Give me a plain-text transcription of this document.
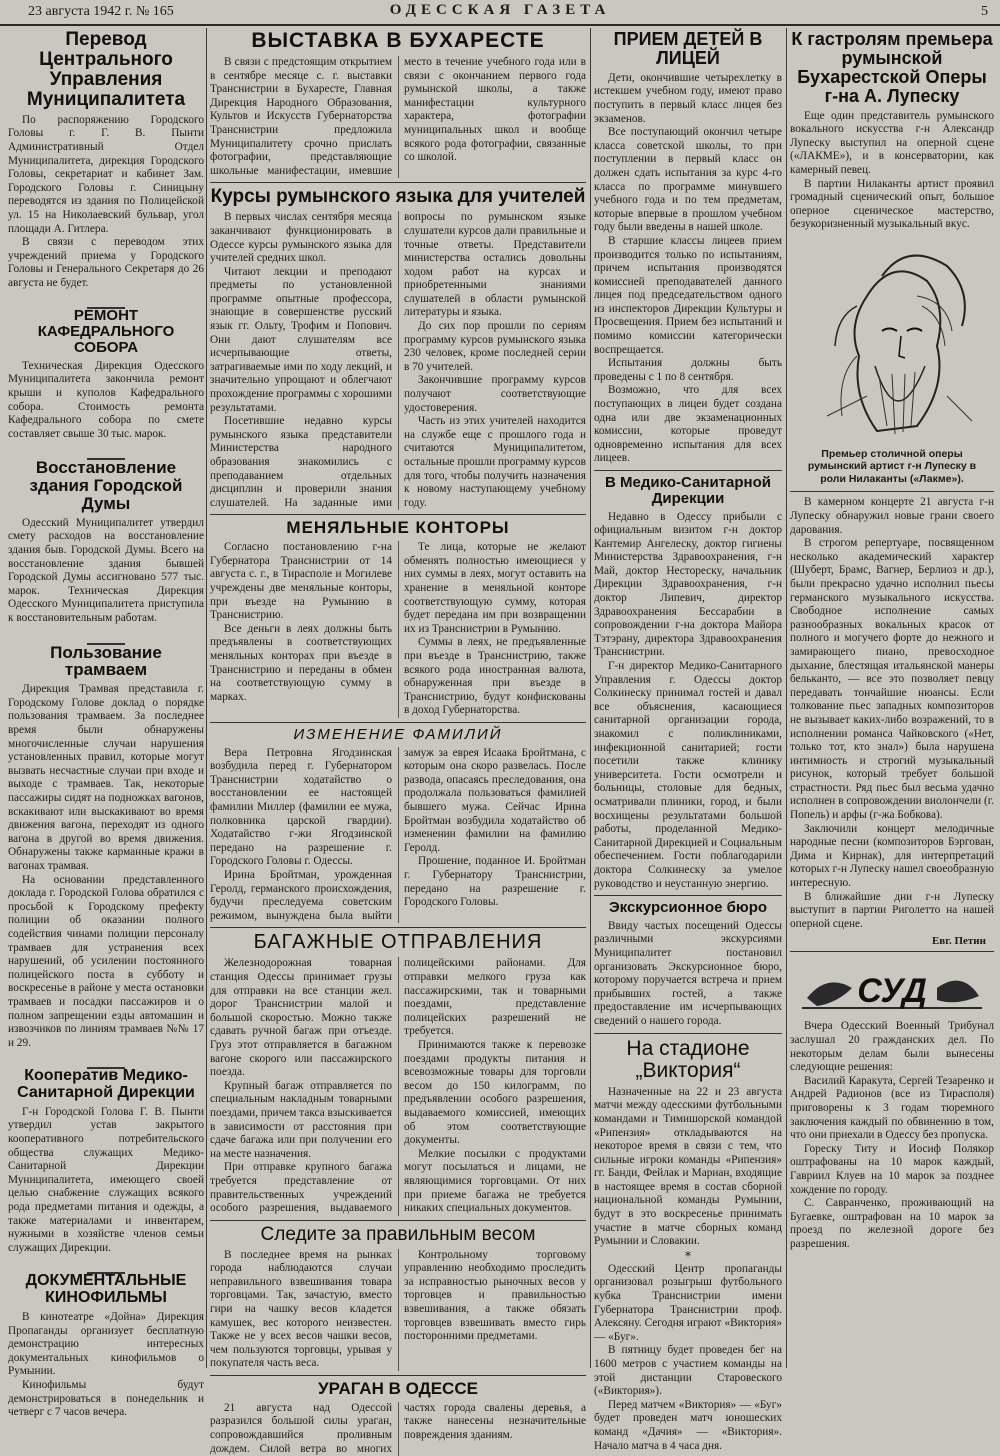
23 августа 1942 г. № 165	ОДЕССКАЯ ГАЗЕТА	5
Перевод Центрального Управления Муниципалитета

По распоряжению Городского Головы г. Г. В. Пынти Административный Отдел Муниципалитета, дирекция Городского Головы, секретариат и кабинет Зам. Городского Головы г. Синицыну переводятся из здания по Полицейской ул. 15 на Николаевский бульвар, угол площади А. Гитлера.

В связи с переводом этих учреждений приема у Городского Головы и Генерального Секретаря до 26 августа не будет.

РЕМОНТ КАФЕДРАЛЬНОГО СОБОРА

Техническая Дирекция Одесского Муниципалитета закончила ремонт крыши и куполов Кафедрального собора. Стоимость ремонта Кафедрального собора по смете составляет свыше 30 тыс. марок.

Восстановление здания Городской Думы

Одесский Муниципалитет утвердил смету расходов на восстановление здания быв. Городской Думы. Всего на восстановление здания бывшей Городской Думы ассигновано 577 тыс. марок. Техническая Дирекция Одесского Муниципалитета приступила к восстановительным работам.

Пользование трамваем

Дирекция Трамвая представила г. Городскому Голове доклад о порядке пользования трамваем. За последнее время были обнаружены многочисленные случаи нарушения установленных правил, которые могут вызвать несчастные случаи при входе и выходе с трамваев. Так, некоторые пассажиры сидят на подножках вагонов, вскакивают или выскакивают во время движения вагона, переходят из одного вагона в другой во время движения. Обнаружены также карманные кражи в вагонах трамвая.

На основании представленного доклада г. Городской Голова обратился с просьбой к Городскому префекту полиции об оказании полного содействия чинами полиции персоналу трамваев для устранения всех нарушений, об усилении постоянного полицейского поста в субботу и воскресенье в районе у места остановки трамваев и посадки пассажиров и о полном запрещении езды автомашин и извозчиков по линиям трамваев №№ 17 и 29.

Кооператив Медико-Санитарной Дирекции

Г-н Городской Голова Г. В. Пынти утвердил устав закрытого кооперативного потребительского общества служащих Медико-Санитарной Дирекции Муниципалитета, имеющего своей целью снабжение служащих всякого рода предметами питания и одежды, а также материалами и инвентарем, нужными в хозяйстве членов семьи служащих Дирекции.

ДОКУМЕНТАЛЬНЫЕ КИНОФИЛЬМЫ

В кинотеатре «Дойна» Дирекция Пропаганды организует бесплатную демонстрацию интересных документальных кинофильмов о Румынии.

Кинофильмы будут демонстрироваться в понедельник и четверг с 7 часов вечера.

ВЫСТАВКА В БУХАРЕСТЕ

В связи с предстоящим открытием в сентябре месяце с. г. выставки Транснистрии в Бухаресте, Главная Дирекция Народного Образования, Культов и Искусств Губернаторства Транснистрии предложила Муниципалитету срочно прислать фотографии, представляющие школьные манифестации, имевшие место в течение учебного года или в связи с окончанием первого года румынской школы, а также манифестации культурного характера, фотографии муниципальных школ и вообще всякого рода фотографии, связанные со школой.

Курсы румынского языка для учителей

В первых числах сентября месяца заканчивают функционировать в Одессе курсы румынского языка для учителей средних школ.

Читают лекции и преподают предметы по установленной программе опытные профессора, знающие в совершенстве русский язык гг. Ольту, Трофим и Попович. Они дают слушателям все исчерпывающие ответы, затрагиваемые ими по ходу лекций, и значительно упрощают и облегчают прохождение программы с хорошими результатами.

Посетившие недавно курсы румынского языка представители Министерства народного образования знакомились с преподаванием отдельных дисциплин и проверили знания слушателей. На заданные ими вопросы по румынском языке слушатели курсов дали правильные и точные ответы. Представители министерства остались довольны ходом работ на курсах и приобретенными знаниями слушателей в области румынской литературы и языка.

До сих пор прошли по сериям программу курсов румынского языка 230 человек, кроме последней серии в 70 учителей.

Закончившие программу курсов получают соответствующие удостоверения.

Часть из этих учителей находится на службе еще с прошлого года и считаются Муниципалитетом, остальные прошли программу курсов для того, чтобы получить назначения к новому наступающему учебному году.

МЕНЯЛЬНЫЕ КОНТОРЫ

Согласно постановлению г-на Губернатора Транснистрии от 14 августа с. г., в Тирасполе и Могилеве учреждены две меняльные конторы, при въезде на Румынию в Транснистрию.

Все деньги в леях должны быть предъявлены в соответствующих меняльных конторах при въезде в Транснистрию и переданы в обмен на соответствующую сумму в марках.

Те лица, которые не желают обменять полностью имеющиеся у них суммы в леях, могут оставить на хранение в меняльной конторе соответствующую сумму, которая будет передана им при возвращении их из Транснистрии в Румынию.

Суммы в леях, не предъявленные при въезде в Транснистрию, также всякого рода иностранная валюта, обнаруженная при въезде в Транснистрию, будут конфискованы в доход Губернаторства.

ИЗМЕНЕНИЕ ФАМИЛИЙ

Вера Петровна Ягодзинская возбудила перед г. Губернатором Транснистрии ходатайство о восстановлении ее настоящей фамилии Миллер (фамилии ее мужа, полковника царской гвардии). Ходатайство г-жи Ягодзинской передано на разрешение г. Городского Головы г. Одессы.

Ирина Бройтман, урожденная Геролд, германского происхождения, будучи преследуема советским режимом, вынуждена была выйти замуж за еврея Исаака Бройтмана, с которым она скоро развелась. После развода, опасаясь преследования, она продолжала пользоваться фамилией бывшего мужа. Сейчас Ирина Бройтман возбудила ходатайство об изменении фамилии на фамилию Геролд.

Прошение, поданное И. Бройтман г. Губернатору Транснистрии, передано на разрешение г. Городского Головы.

БАГАЖНЫЕ ОТПРАВЛЕНИЯ

Железнодорожная товарная станция Одессы принимает грузы для отправки на все станции жел. дорог Транснистрии малой и большой скоростью. Можно также сдавать ручной багаж при отъезде. Груз этот отправляется в багажном вагоне скорого или пассажирского поезда.

Крупный багаж отправляется по специальным накладным товарными поездами, причем такса взыскивается в зависимости от расстояния при сдаче багажа или при получении его на месте назначения.

При отправке крупного багажа требуется представление от правительственных учреждений особого разрешения, выдаваемого полицейскими районами. Для отправки мелкого груза как пассажирскими, так и товарными поездами, представление полицейских разрешений не требуется.

Принимаются также к перевозке поездами продукты питания и всевозможные товары для торговли весом до 150 килограмм, по предъявлении особого разрешения, выдаваемого комиссией, имеющих об этом соответствующие документы.

Мелкие посылки с продуктами могут посылаться и лицами, не являющимися торговцами. От них при приеме багажа не требуется никаких специальных документов.

Следите за правильным весом

В последнее время на рынках города наблюдаются случаи неправильного взвешивания товара торговцами. Так, зачастую, вместо гири на чашку весов кладется камушек, вес которого неизвестен. Также не у всех весов чашки весов, чем пользуются торговцы, урывая у покупателя часть веса.

Контрольному торговому управлению необходимо проследить за исправностью рыночных весов у торговцев и правильностью взвешивания, а также обязать торговцев взвешивать вместо гирь посторонними предметами.

УРАГАН В ОДЕССЕ

21 августа над Одессой разразился большой силы ураган, сопровождавшийся проливным дождем. Силой ветра во многих частях города свалены деревья, а также нанесены незначительные повреждения зданиям.

ПРИЕМ ДЕТЕЙ В ЛИЦЕЙ

Дети, окончившие четырехлетку в истекшем учебном году, имеют право поступить в первый класс лицея без экзаменов.

Все поступающий окончил четыре класса советской школы, то при поступлении в первый класс он должен сдать испытания за курс 4-го класса по программе минувшего учебного года и по тем предметам, которые впервые в прошлом учебном году были введены в нашей школе.

В старшие классы лицеев прием производится только по испытаниям, причем испытания производятся комиссией преподавателей данного лицея под председательством одного из инспекторов Дирекции Культуры и Просвещения. Прием без испытаний и помимо комиссии категорически воспрещается.

Испытания должны быть проведены с 1 по 8 сентября.

Возможно, что для всех поступающих в лицеи будет создана одна или две экзаменационных комиссии, которые проведут одновременно испытания для всех лицеев.

В Медико-Санитарной Дирекции

Недавно в Одессу прибыли с официальным визитом г-н доктор Кантемир Ангелеску, доктор гигиены Министерства Здравоохранения, г-н Май, доктор Несторескy, начальник Дирекции Здравоохранения, г-н доктор Липевич, директор Здравоохранения Бессарабии в сопровождении г-на доктора Майора Тэтэрану, директора Здравоохранения Транснистрии.

Г-н директор Медико-Санитарного Управления г. Одессы доктор Солкинеску принимал гостей и давал все объяснения, касающиеся санитарной организации города, знакомил с поликлиниками, инфекционной санитарией; гости посетили также клинику университета. Гости осмотрели и больницы, столовые для бедных, осматривали плиники, город, и были восхищены результатами большой работы, проделанной Медико-Санитарной Дирекцией и Социальным обеспечением. Гости поблагодарили доктора Солкинеску за умелое руководство и неустанную энергию.

Экскурсионное бюро

Ввиду частых посещений Одессы различными экскурсиями Муниципалитет постановил организовать Экскурсионное бюро, которому поручается встреча и прием прибывших гостей, а также предоставление им исчерпывающих сведений о нашего города.

На стадионе „Виктория“

Назначенные на 22 и 23 августа матчи между одесскими футбольными командами и Тимишорской командой «Рипензия» откладываются на некоторое время в связи с тем, что сильные игроки команды «Рипензия» гг. Банди, Фейлак и Мариан, входящие в настоящее время в состав сборной национальной команды Румынии, будут в это воскресенье принимать участие в матче сборных команд Румынии и Словакии.

*

Одесский Центр пропаганды организовал розыгрыш футбольного кубка Транснистрии имени Губернатора Транснистрии проф. Алексяну. Сегодня играют «Виктория» — «Буг».

В пятницу будет проведен бег на 1600 метров с участием команды на этой дистанции Старовеского («Виктория»).

Перед матчем «Виктория» — «Буг» будет проведен матч юношеских команд «Дачия» — «Виктория». Начало матча в 4 часа дня.

К гастролям премьера румынской Бухарестской Оперы г-на А. Лупеску

Еще один представитель румынского вокального искусства г-н Александр Лупеску выступил на оперной сцене («ЛАКМЕ»), и в консерватории, как камерный певец.

В партии Нилаканты артист проявил громадный сценический опыт, большое оперное сценическое мастерство, безукоризненный музыкальный вкус.

Премьер столичной оперы румынский артист г-н Лупеску в роли Нилаканты («Лакме»).

В камерном концерте 21 августа г-н Лупеску обнаружил новые грани своего дарования.

В строгом репертуаре, посвященном несколько академический характер (Шуберт, Брамс, Вагнер, Берлиоз и др.), были прекрасно удачно исполнил пьесы германского музыкального искусства. Свободное исполнение самых разнообразных вокальных красок от полного и могучего форте до нежного и замирающего пиано, превосходное дыхание, блестящая итальянской манеры бельканто, — все это позволяет певцу передавать тончайшие нюансы. Если толкование пьес западных композиторов не вызывает каких-либо возражений, то в исполнении романса Чайковского («Нет, только тот, кто знал») была нарушена интимность и строгий музыкальный рисунок, который требует большой страстности. Ряд пьес был весьма удачно исполнен в сопровождении виолончели (г. Попель) и арфы (г-жа Бобкова).

Заключили концерт мелодичные народные песни (композиторов Бэргован, Дима и Кирнак), для интерпретаций которых г-н Лупеску нашел своеобразную интересную.

В ближайшие дни г-н Лупеску выступит в партии Риголетто на нашей оперной сцене.

Евг. Петин
СУД

Вчера Одесский Военный Трибунал заслушал 20 гражданских дел. По некоторым делам были вынесены следующие решения:

Василий Каракута, Сергей Тезаренко и Андрей Радионов (все из Тирасполя) приговорены к 3 годам тюремного заключения каждый по обвинению в том, что они приехали в Одессу без пропуска.

Гореску Титу и Иосиф Полякор оштрафованы на 10 марок каждый, Гавриил Клуев на 10 марок за позднее хождение по городу.

С. Савранченко, проживающий на Бугаевке, оштрафован на 10 марок за проезд по железной дороге без разрешения.
